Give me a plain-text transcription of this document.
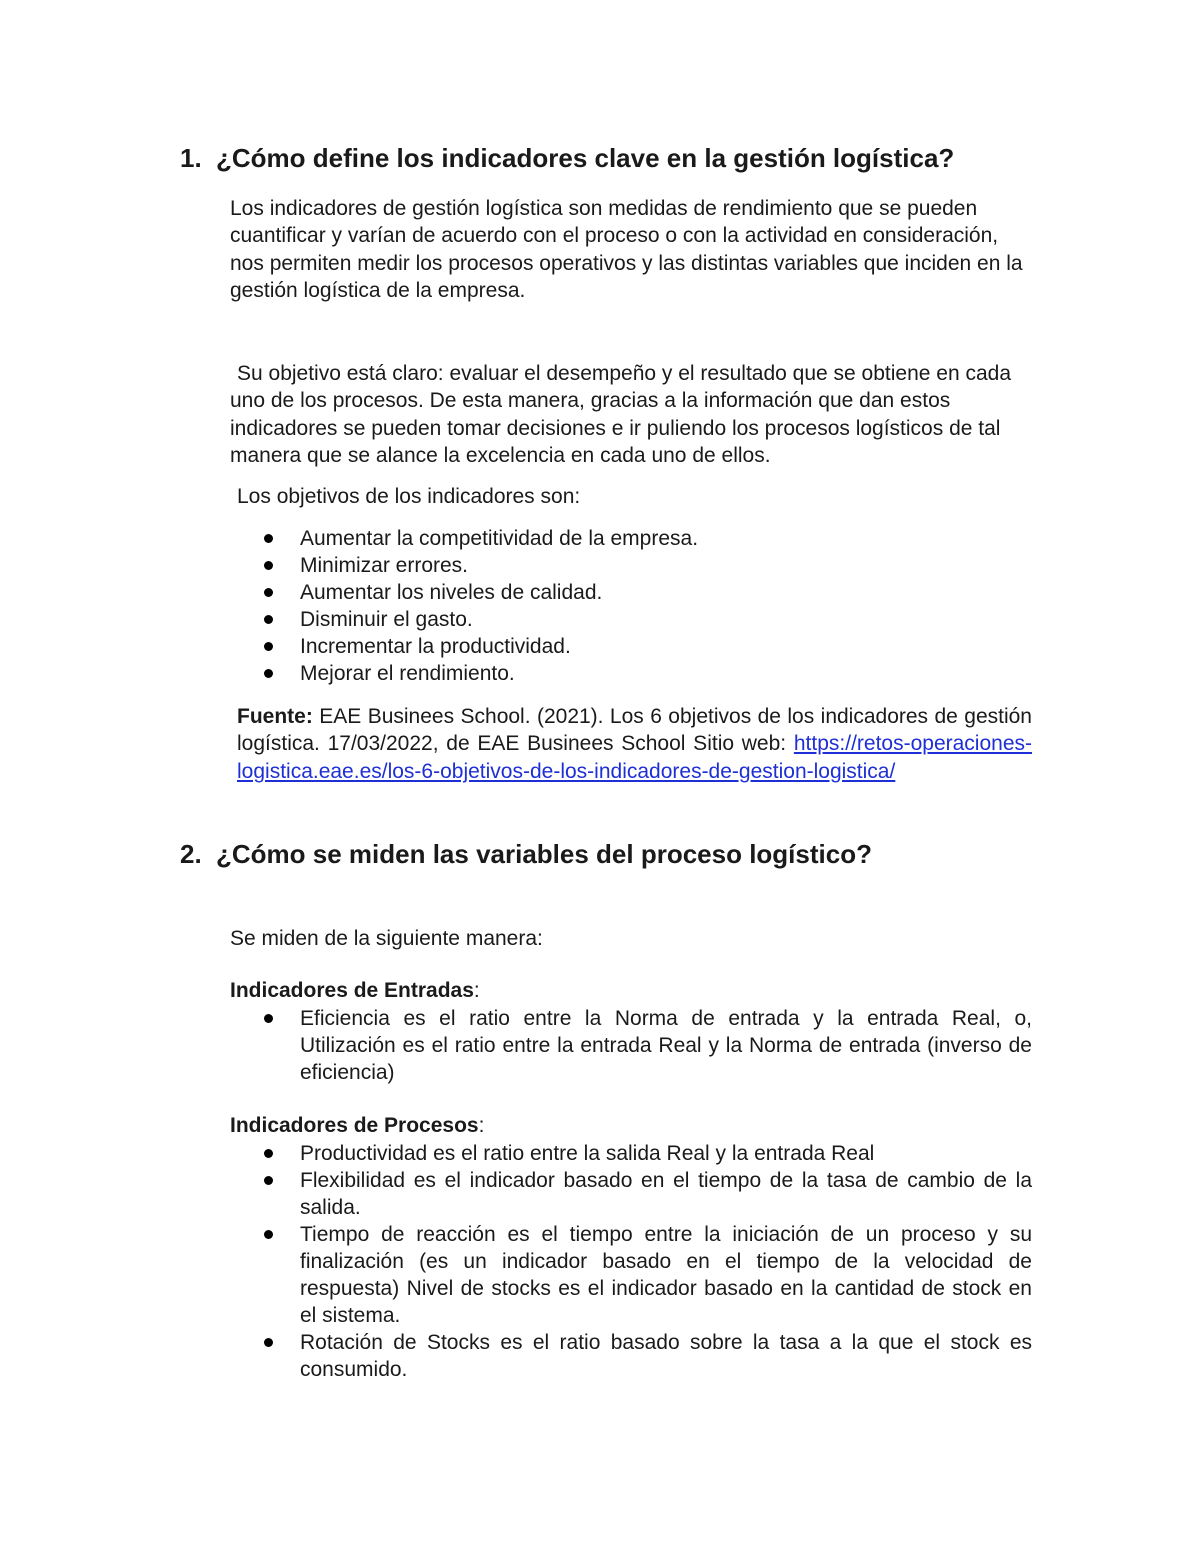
1. ¿Cómo define los indicadores clave en la gestión logística?

Los indicadores de gestión logística son medidas de rendimiento que se pueden cuantificar y varían de acuerdo con el proceso o con la actividad en consideración, nos permiten medir los procesos operativos y las distintas variables que inciden en la gestión logística de la empresa.

Su objetivo está claro: evaluar el desempeño y el resultado que se obtiene en cada uno de los procesos. De esta manera, gracias a la información que dan estos indicadores se pueden tomar decisiones e ir puliendo los procesos logísticos de tal manera que se alance la excelencia en cada uno de ellos.

Los objetivos de los indicadores son:

Aumentar la competitividad de la empresa.
Minimizar errores.
Aumentar los niveles de calidad.
Disminuir el gasto.
Incrementar la productividad.
Mejorar el rendimiento.

Fuente: EAE Businees School. (2021). Los 6 objetivos de los indicadores de gestión logística. 17/03/2022, de EAE Businees School Sitio web: https://retos-operaciones-logistica.eae.es/los-6-objetivos-de-los-indicadores-de-gestion-logistica/

2. ¿Cómo se miden las variables del proceso logístico?

Se miden de la siguiente manera:

Indicadores de Entradas:

Eficiencia es el ratio entre la Norma de entrada y la entrada Real, o, Utilización es el ratio entre la entrada Real y la Norma de entrada (inverso de eficiencia)

Indicadores de Procesos:

Productividad es el ratio entre la salida Real y la entrada Real
Flexibilidad es el indicador basado en el tiempo de la tasa de cambio de la salida.
Tiempo de reacción es el tiempo entre la iniciación de un proceso y su finalización (es un indicador basado en el tiempo de la velocidad de respuesta) Nivel de stocks es el indicador basado en la cantidad de stock en el sistema.
Rotación de Stocks es el ratio basado sobre la tasa a la que el stock es consumido.
